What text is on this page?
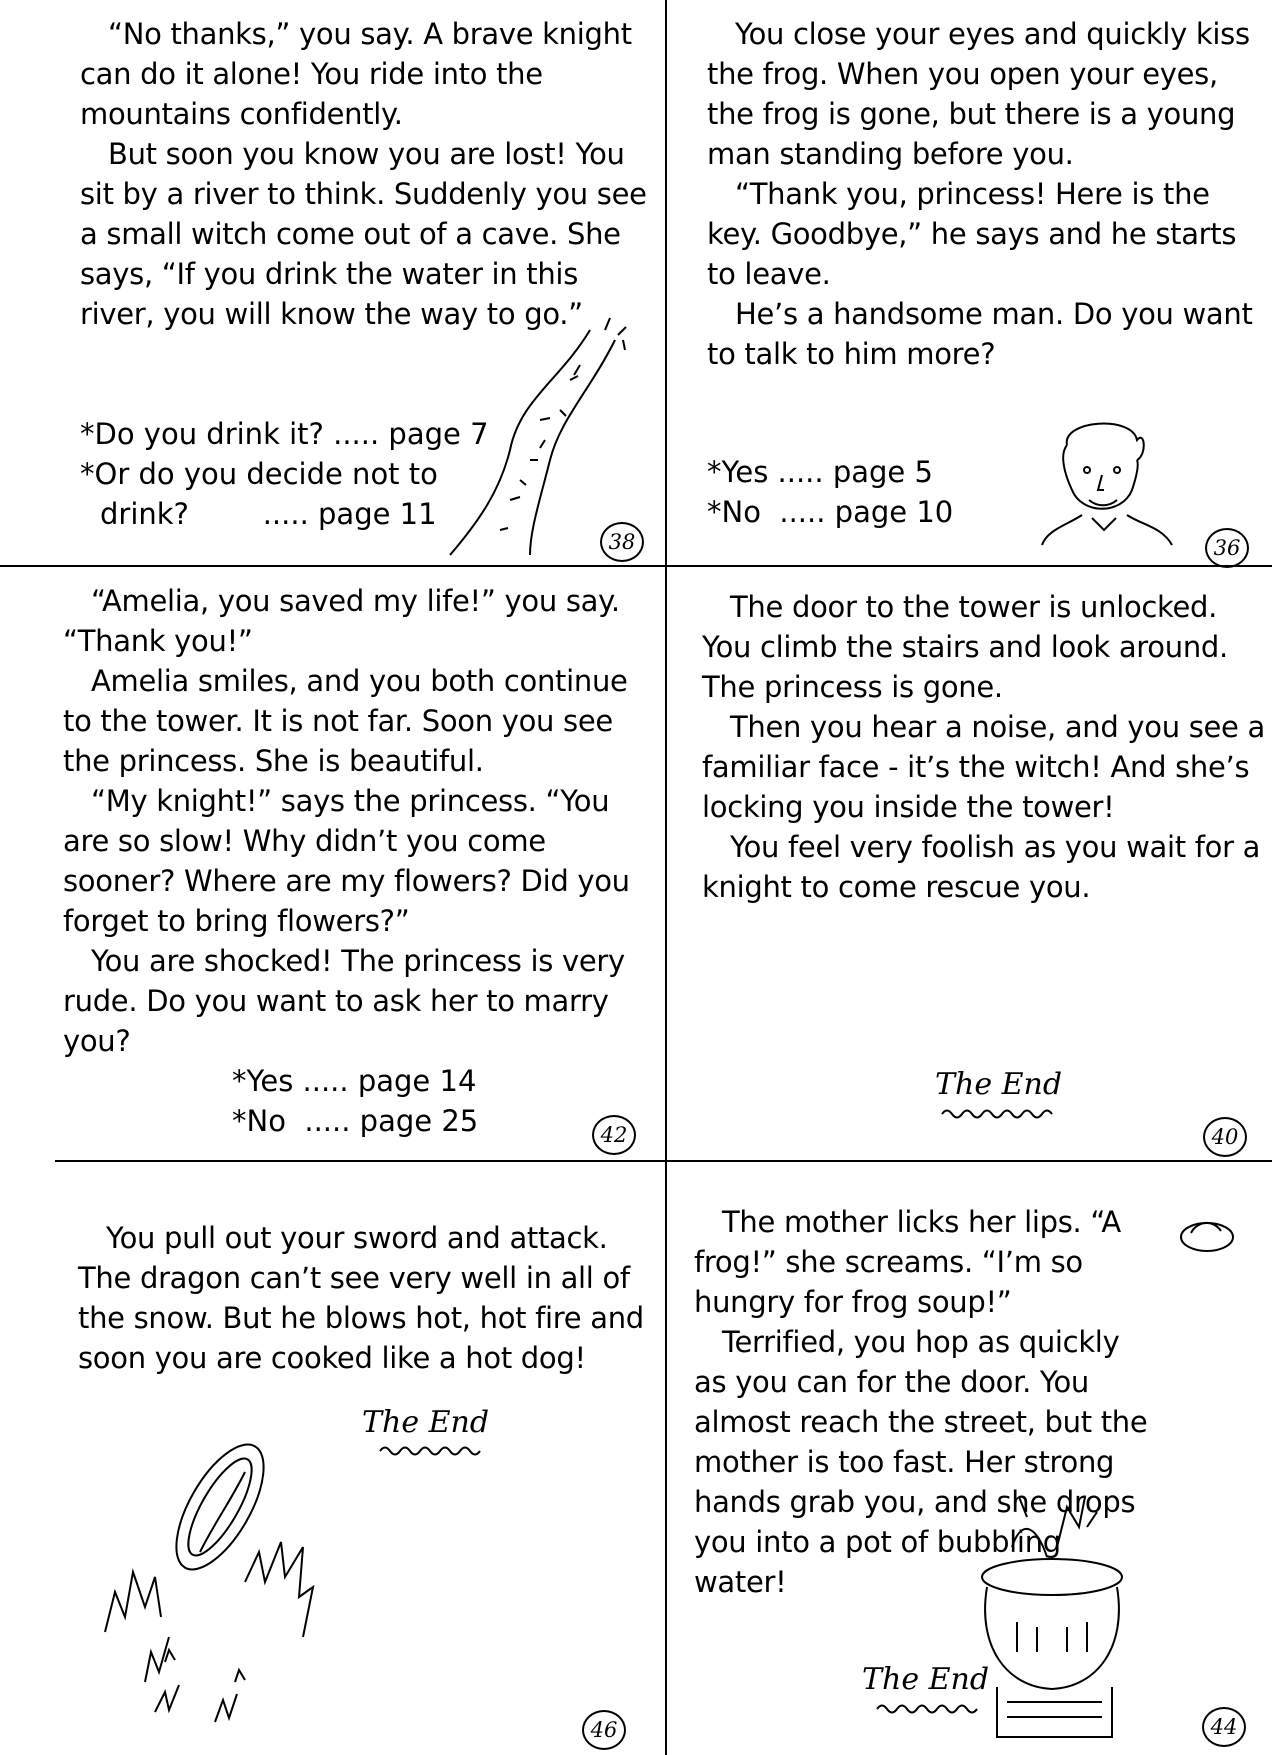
“No thanks,” you say. A brave knight can do it alone! You ride into the mountains confidently.

But soon you know you are lost! You sit by a river to think. Suddenly you see a small witch come out of a cave. She says, “If you drink the water in this river, you will know the way to go.”

*Do you drink it? ..... page 7
*Or do you decide not to
drink?        ..... page 11
38

You close your eyes and quickly kiss the frog. When you open your eyes, the frog is gone, but there is a young man standing before you.

“Thank you, princess! Here is the key. Goodbye,” he says and he starts to leave.

He’s a handsome man. Do you want to talk to him more?

*Yes ..... page 5
*No  ..... page 10
36

“Amelia, you saved my life!” you say. “Thank you!”

Amelia smiles, and you both continue to the tower. It is not far. Soon you see the princess. She is beautiful.

“My knight!” says the princess. “You are so slow! Why didn’t you come sooner? Where are my flowers? Did you forget to bring flowers?”

You are shocked! The princess is very rude. Do you want to ask her to marry you?

*Yes ..... page 14
*No  ..... page 25	42

The door to the tower is unlocked. You climb the stairs and look around. The princess is gone.

Then you hear a noise, and you see a familiar face - it’s the witch! And she’s locking you inside the tower!

You feel very foolish as you wait for a knight to come rescue you.

The End
40

You pull out your sword and attack. The dragon can’t see very well in all of the snow. But he blows hot, hot fire and soon you are cooked like a hot dog!

The End
46

The mother licks her lips. “A frog!” she screams. “I’m so hungry for frog soup!”

Terrified, you hop as quickly as you can for the door. You almost reach the street, but the mother is too fast. Her strong hands grab you, and she drops you into a pot of bubbling water!

The End
44
